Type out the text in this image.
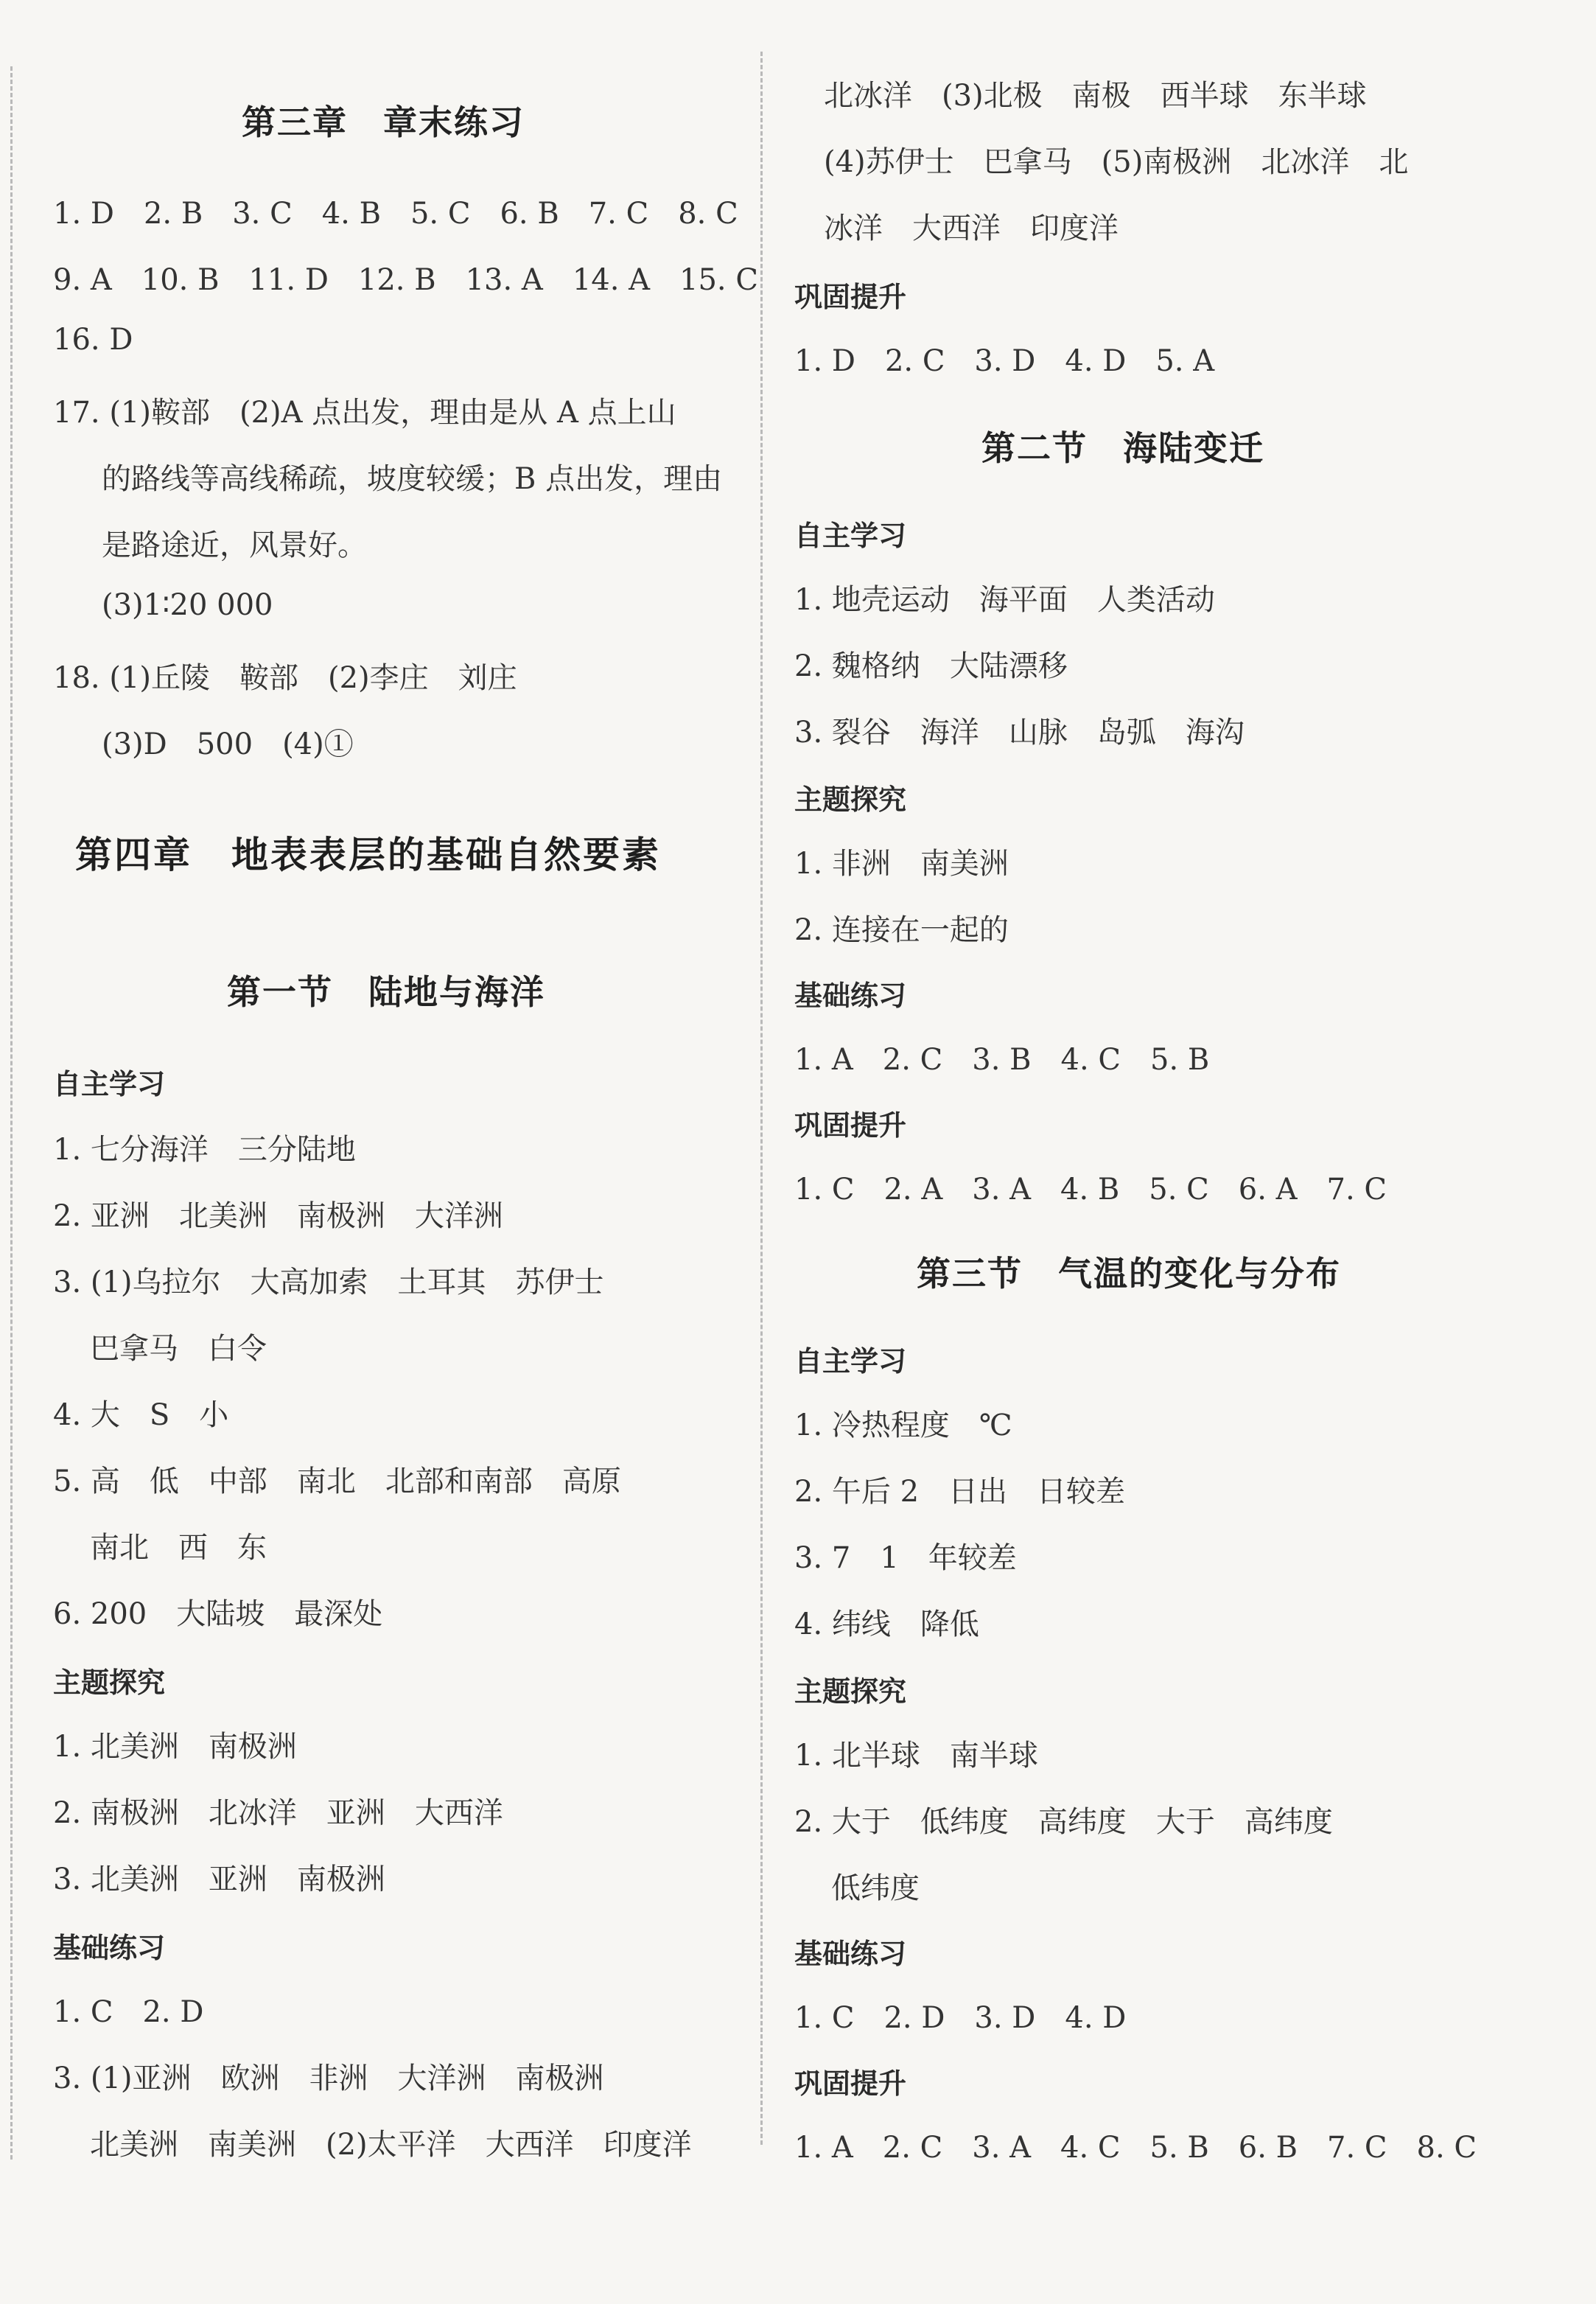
第三章　章末练习
1. D　2. B　3. C　4. B　5. C　6. B　7. C　8. C
9. A　10. B　11. D　12. B　13. A　14. A　15. C
16. D
17. (1)鞍部　(2)A 点出发，理由是从 A 点上山
的路线等高线稀疏，坡度较缓；B 点出发，理由
是路途近，风景好。
(3)1∶20 000
18. (1)丘陵　鞍部　(2)李庄　刘庄
(3)D　500　(4)①
第四章　地表表层的基础自然要素
第一节　陆地与海洋
自主学习
1. 七分海洋　三分陆地
2. 亚洲　北美洲　南极洲　大洋洲
3. (1)乌拉尔　大高加索　土耳其　苏伊士
巴拿马　白令
4. 大　S　小
5. 高　低　中部　南北　北部和南部　高原
南北　西　东
6. 200　大陆坡　最深处
主题探究
1. 北美洲　南极洲
2. 南极洲　北冰洋　亚洲　大西洋
3. 北美洲　亚洲　南极洲
基础练习
1. C　2. D
3. (1)亚洲　欧洲　非洲　大洋洲　南极洲
北美洲　南美洲　(2)太平洋　大西洋　印度洋
北冰洋　(3)北极　南极　西半球　东半球
(4)苏伊士　巴拿马　(5)南极洲　北冰洋　北
冰洋　大西洋　印度洋
巩固提升
1. D　2. C　3. D　4. D　5. A
第二节　海陆变迁
自主学习
1. 地壳运动　海平面　人类活动
2. 魏格纳　大陆漂移
3. 裂谷　海洋　山脉　岛弧　海沟
主题探究
1. 非洲　南美洲
2. 连接在一起的
基础练习
1. A　2. C　3. B　4. C　5. B
巩固提升
1. C　2. A　3. A　4. B　5. C　6. A　7. C
第三节　气温的变化与分布
自主学习
1. 冷热程度　℃
2. 午后 2　日出　日较差
3. 7　1　年较差
4. 纬线　降低
主题探究
1. 北半球　南半球
2. 大于　低纬度　高纬度　大于　高纬度
低纬度
基础练习
1. C　2. D　3. D　4. D
巩固提升
1. A　2. C　3. A　4. C　5. B　6. B　7. C　8. C
